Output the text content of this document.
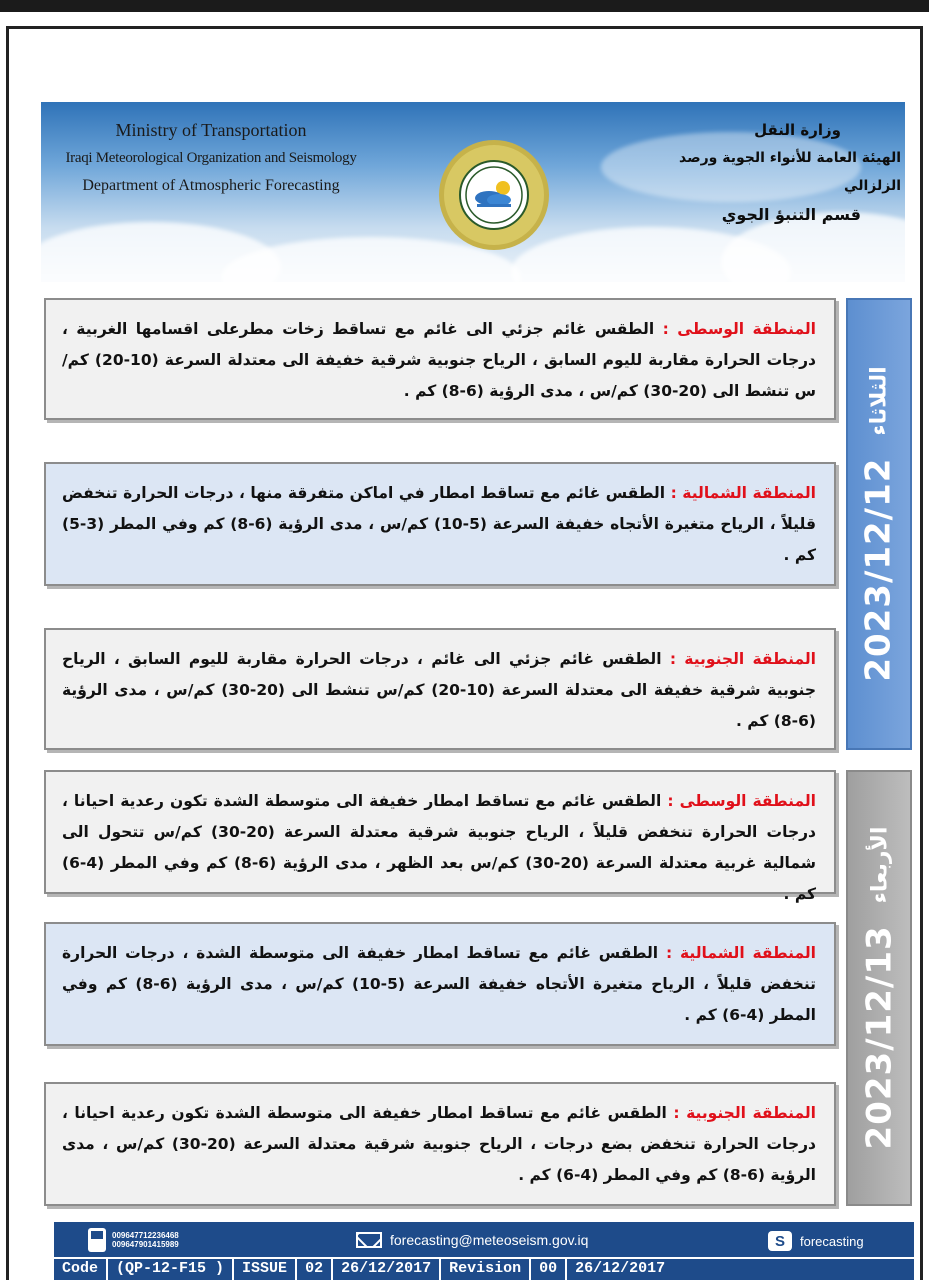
Ministry of Transportation
Iraqi Meteorological Organization and Seismology
Department of Atmospheric Forecasting
وزارة النقل
الهيئة العامة للأنواء الجوية ورصد الزلزالي
قسم التنبؤ الجوي
المنطقة الوسطى : الطقس غائم جزئي الى غائم مع تساقط زخات مطرعلى اقسامها الغربية ، درجات الحرارة مقاربة لليوم السابق ، الرياح جنوبية شرقية خفيفة الى معتدلة السرعة (10-20) كم/س تنشط الى (20-30) كم/س ، مدى الرؤية (6-8) كم .
المنطقة الشمالية : الطقس غائم مع تساقط امطار في اماكن متفرقة منها ، درجات الحرارة تنخفض قليلاً ، الرياح متغيرة الأتجاه خفيفة السرعة (5-10) كم/س ، مدى الرؤية (6-8) كم وفي المطر (3-5) كم .
المنطقة الجنوبية : الطقس غائم جزئي الى غائم ، درجات الحرارة مقاربة لليوم السابق ، الرياح جنوبية شرقية خفيفة الى معتدلة السرعة (10-20) كم/س تنشط الى (20-30) كم/س ، مدى الرؤية (6-8) كم .
المنطقة الوسطى : الطقس غائم مع تساقط امطار خفيفة الى متوسطة الشدة تكون رعدية احيانا ، درجات الحرارة تنخفض قليلاً ، الرياح جنوبية شرقية معتدلة السرعة (20-30) كم/س تتحول الى شمالية غربية معتدلة السرعة (20-30) كم/س بعد الظهر ، مدى الرؤية (6-8) كم وفي المطر (4-6) كم .
المنطقة الشمالية : الطقس غائم مع تساقط امطار خفيفة الى متوسطة الشدة ، درجات الحرارة تنخفض قليلاً ، الرياح متغيرة الأتجاه خفيفة السرعة (5-10) كم/س ، مدى الرؤية (6-8) كم وفي المطر (4-6) كم .
المنطقة الجنوبية : الطقس غائم مع تساقط امطار خفيفة الى متوسطة الشدة تكون رعدية احيانا ، درجات الحرارة تنخفض بضع درجات ، الرياح جنوبية شرقية معتدلة السرعة (20-30) كم/س ، مدى الرؤية (6-8) كم وفي المطر (4-6) كم .
2023/12/12
الثلاثاء
2023/12/13
الأربعاء
009647712236468
009647901415989	forecasting@meteoseism.gov.iq	S	forecasting
Code	(QP-12-F15 )	ISSUE	02	26/12/2017	Revision	00	26/12/2017
